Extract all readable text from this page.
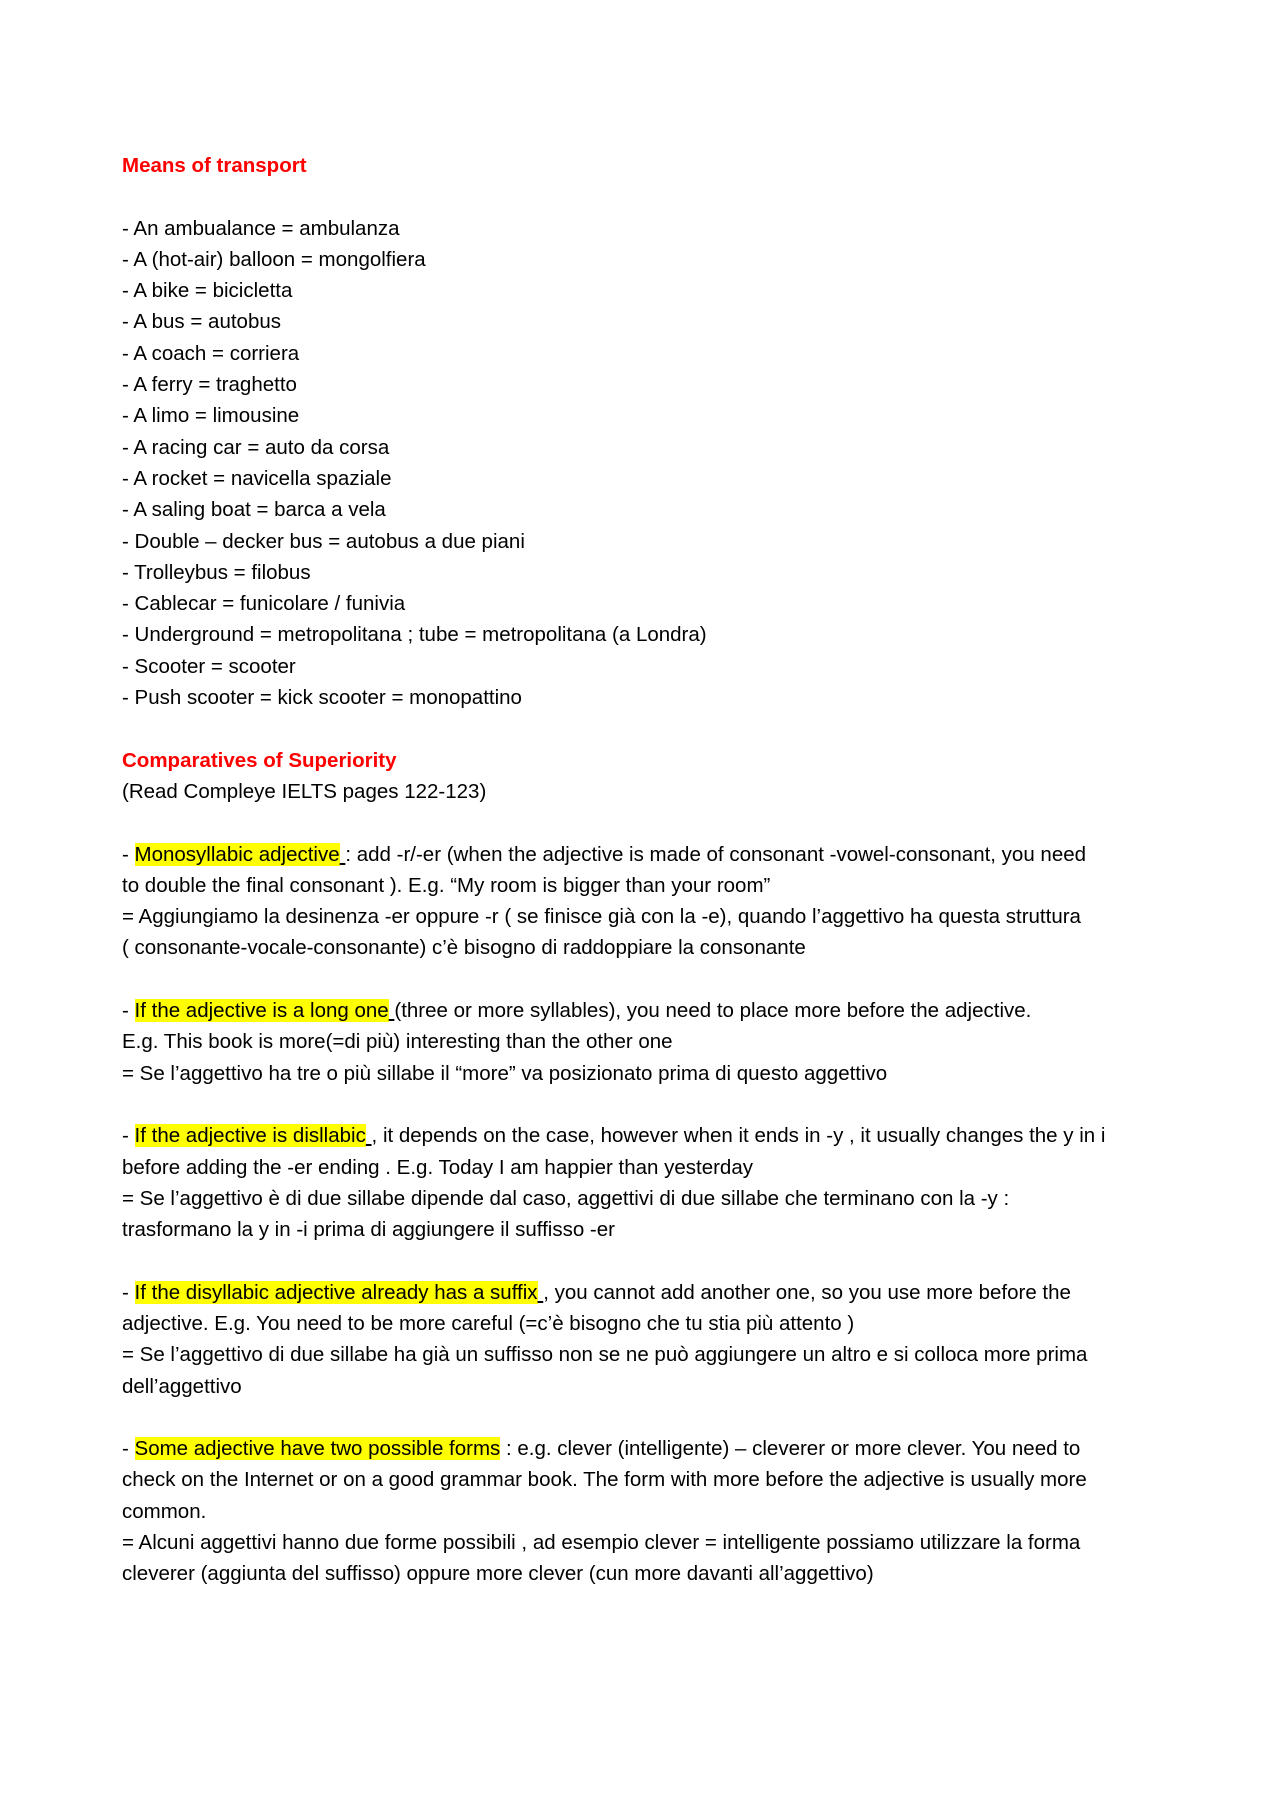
Means of transport
- An ambualance = ambulanza
- A (hot-air) balloon = mongolfiera
- A bike = bicicletta
- A bus = autobus
- A coach = corriera
- A ferry = traghetto
- A limo = limousine
- A racing car = auto da corsa
- A rocket = navicella spaziale
- A saling boat = barca a vela
- Double – decker bus = autobus a due piani
- Trolleybus = filobus
- Cablecar = funicolare / funivia
- Underground = metropolitana ; tube = metropolitana (a Londra)
- Scooter = scooter
- Push scooter = kick scooter = monopattino
Comparatives of Superiority
(Read Compleye IELTS pages 122-123)
- Monosyllabic adjective : add -r/-er (when the adjective is made of consonant -vowel-consonant, you need
to double the final consonant ). E.g. “My room is bigger than your room”
= Aggiungiamo la desinenza -er oppure -r ( se finisce già con la -e), quando l’aggettivo ha questa struttura
( consonante-vocale-consonante) c’è bisogno di raddoppiare la consonante
- If the adjective is a long one (three or more syllables), you need to place more before the adjective.
E.g. This book is more(=di più) interesting than the other one
= Se l’aggettivo ha tre o più sillabe il “more” va posizionato prima di questo aggettivo
- If the adjective is disllabic , it depends on the case, however when it ends in -y , it usually changes the y in i
before adding the -er ending . E.g. Today I am happier than yesterday
= Se l’aggettivo è di due sillabe dipende dal caso, aggettivi di due sillabe che terminano con la -y :
trasformano la y in -i prima di aggiungere il suffisso -er
- If the disyllabic adjective already has a suffix , you cannot add another one, so you use more before the
adjective. E.g. You need to be more careful (=c’è bisogno che tu stia più attento )
= Se l’aggettivo di due sillabe ha già un suffisso non se ne può aggiungere un altro e si colloca more prima
dell’aggettivo
- Some adjective have two possible forms : e.g. clever (intelligente) – cleverer or more clever. You need to
check on the Internet or on a good grammar book. The form with more before the adjective is usually more
common.
= Alcuni aggettivi hanno due forme possibili , ad esempio clever = intelligente possiamo utilizzare la forma
cleverer (aggiunta del suffisso) oppure more clever (cun more davanti all’aggettivo)
